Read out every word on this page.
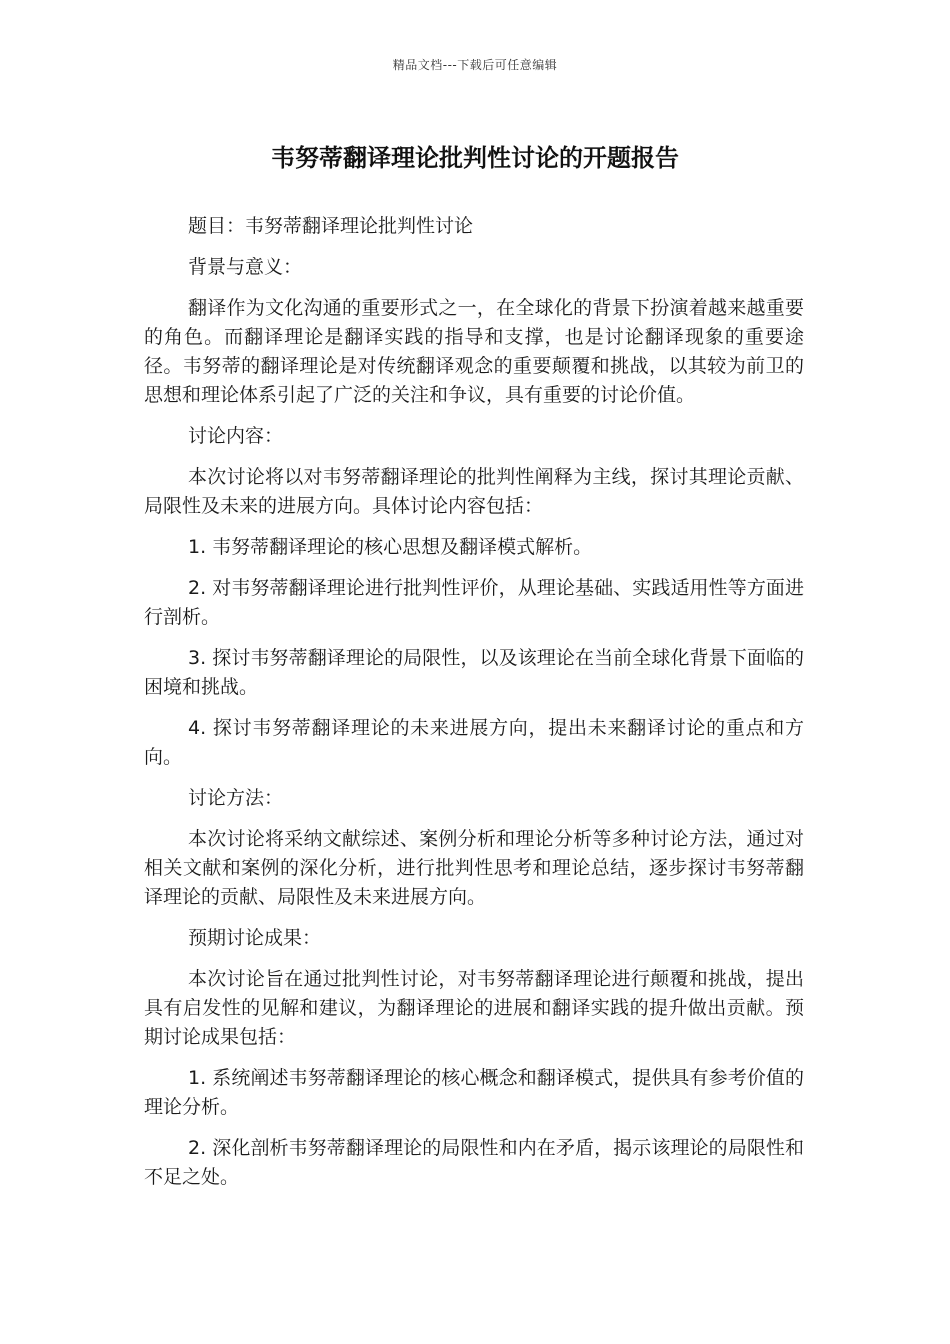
精品文档---下载后可任意编辑
韦努蒂翻译理论批判性讨论的开题报告

题目：韦努蒂翻译理论批判性讨论

背景与意义：

翻译作为文化沟通的重要形式之一，在全球化的背景下扮演着越来越重要的角色。而翻译理论是翻译实践的指导和支撑，也是讨论翻译现象的重要途径。韦努蒂的翻译理论是对传统翻译观念的重要颠覆和挑战，以其较为前卫的思想和理论体系引起了广泛的关注和争议，具有重要的讨论价值。

讨论内容：

本次讨论将以对韦努蒂翻译理论的批判性阐释为主线，探讨其理论贡献、局限性及未来的进展方向。具体讨论内容包括：

1. 韦努蒂翻译理论的核心思想及翻译模式解析。

2. 对韦努蒂翻译理论进行批判性评价，从理论基础、实践适用性等方面进行剖析。

3. 探讨韦努蒂翻译理论的局限性，以及该理论在当前全球化背景下面临的困境和挑战。

4. 探讨韦努蒂翻译理论的未来进展方向，提出未来翻译讨论的重点和方向。

讨论方法：

本次讨论将采纳文献综述、案例分析和理论分析等多种讨论方法，通过对相关文献和案例的深化分析，进行批判性思考和理论总结，逐步探讨韦努蒂翻译理论的贡献、局限性及未来进展方向。

预期讨论成果：

本次讨论旨在通过批判性讨论，对韦努蒂翻译理论进行颠覆和挑战，提出具有启发性的见解和建议，为翻译理论的进展和翻译实践的提升做出贡献。预期讨论成果包括：

1. 系统阐述韦努蒂翻译理论的核心概念和翻译模式，提供具有参考价值的理论分析。

2. 深化剖析韦努蒂翻译理论的局限性和内在矛盾，揭示该理论的局限性和不足之处。
